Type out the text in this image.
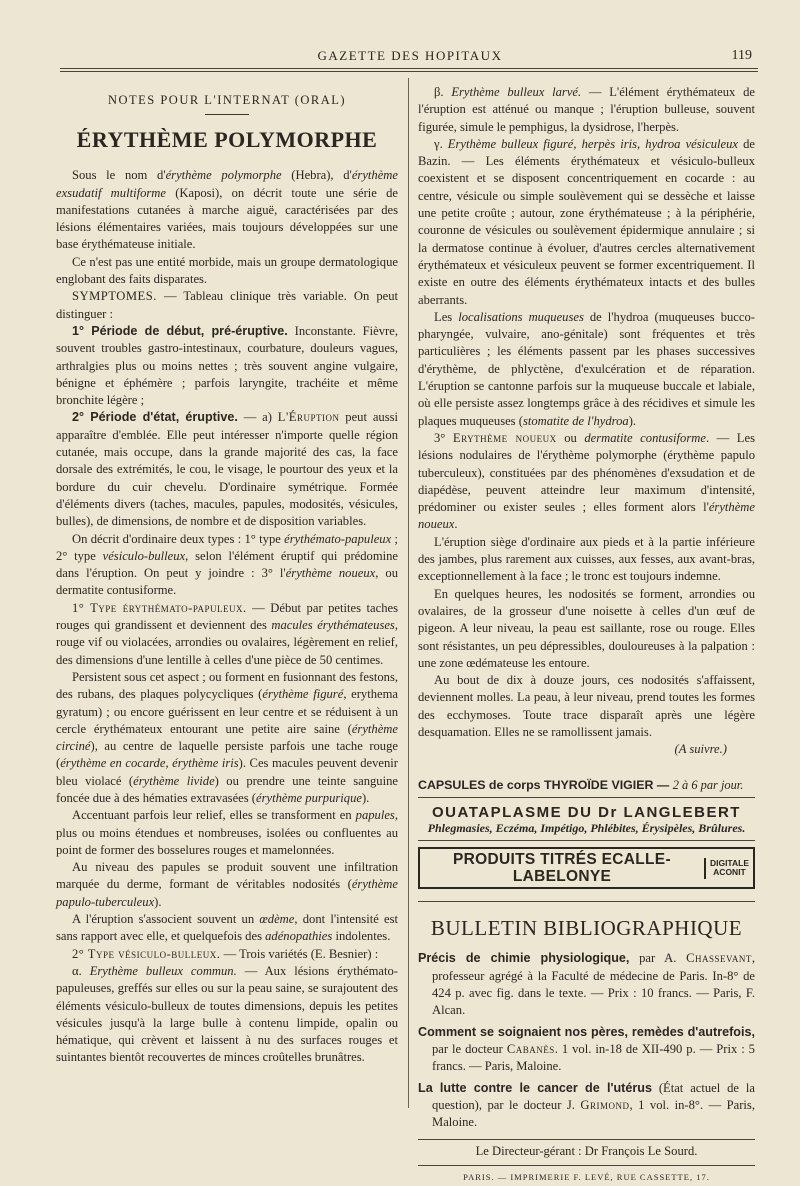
GAZETTE DES HOPITAUX	119

NOTES POUR L'INTERNAT (ORAL)

ÉRYTHÈME POLYMORPHE

Sous le nom d'érythème polymorphe (Hebra), d'érythème exsudatif multiforme (Kaposi), on décrit toute une série de manifestations cutanées à marche aiguë, caractérisées par des lésions élémentaires variées, mais toujours développées sur une base érythémateuse initiale.

Ce n'est pas une entité morbide, mais un groupe dermatologique englobant des faits disparates.

SYMPTOMES. — Tableau clinique très variable. On peut distinguer :

1° Période de début, pré-éruptive. Inconstante. Fièvre, souvent troubles gastro-intestinaux, courbature, douleurs vagues, arthralgies plus ou moins nettes ; très souvent angine vulgaire, bénigne et éphémère ; parfois laryngite, trachéite et même bronchite légère ;

2° Période d'état, éruptive. — a) L'Éruption peut aussi apparaître d'emblée. Elle peut intéresser n'importe quelle région cutanée, mais occupe, dans la grande majorité des cas, la face dorsale des extrémités, le cou, le visage, le pourtour des yeux et la bordure du cuir chevelu. D'ordinaire symétrique. Formée d'éléments divers (taches, macules, papules, modosités, vésicules, bulles), de dimensions, de nombre et de disposition variables.

On décrit d'ordinaire deux types : 1° type érythémato-papuleux ; 2° type vésiculo-bulleux, selon l'élément éruptif qui prédomine dans l'éruption. On peut y joindre : 3° l'érythème noueux, ou dermatite contusiforme.

1° Type érythémato-papuleux. — Début par petites taches rouges qui grandissent et deviennent des macules érythémateuses, rouge vif ou violacées, arrondies ou ovalaires, légèrement en relief, des dimensions d'une lentille à celles d'une pièce de 50 centimes.

Persistent sous cet aspect ; ou forment en fusionnant des festons, des rubans, des plaques polycycliques (érythème figuré, erythema gyratum) ; ou encore guérissent en leur centre et se réduisent à un cercle érythémateux entourant une petite aire saine (érythème circiné), au centre de laquelle persiste parfois une tache rouge (érythème en cocarde, érythème iris). Ces macules peuvent devenir bleu violacé (érythème livide) ou prendre une teinte sanguine foncée due à des hématies extravasées (érythème purpurique).

Accentuant parfois leur relief, elles se transforment en papules, plus ou moins étendues et nombreuses, isolées ou confluentes au point de former des bosselures rouges et mamelonnées.

Au niveau des papules se produit souvent une infiltration marquée du derme, formant de véritables nodosités (érythème papulo-tuberculeux).

A l'éruption s'associent souvent un œdème, dont l'intensité est sans rapport avec elle, et quelquefois des adénopathies indolentes.

2° Type vésiculo-bulleux. — Trois variétés (E. Besnier) :

α. Erythème bulleux commun. — Aux lésions érythémato-papuleuses, greffés sur elles ou sur la peau saine, se surajoutent des éléments vésiculo-bulleux de toutes dimensions, depuis les petites vésicules jusqu'à la large bulle à contenu limpide, opalin ou hématique, qui crèvent et laissent à nu des surfaces rouges et suintantes bientôt recouvertes de minces croûtelles brunâtres.

β. Erythème bulleux larvé. — L'élément érythémateux de l'éruption est atténué ou manque ; l'éruption bulleuse, souvent figurée, simule le pemphigus, la dysidrose, l'herpès.

γ. Erythème bulleux figuré, herpès iris, hydroa vésiculeux de Bazin. — Les éléments érythémateux et vésiculo-bulleux coexistent et se disposent concentriquement en cocarde : au centre, vésicule ou simple soulèvement qui se dessèche et laisse une petite croûte ; autour, zone érythémateuse ; à la périphérie, couronne de vésicules ou soulèvement épidermique annulaire ; si la dermatose continue à évoluer, d'autres cercles alternativement érythémateux et vésiculeux peuvent se former excentriquement. Il existe en outre des éléments érythémateux intacts et des bulles aberrants.

Les localisations muqueuses de l'hydroa (muqueuses bucco-pharyngée, vulvaire, ano-génitale) sont fréquentes et très particulières ; les éléments passent par les phases successives d'érythème, de phlyctène, d'exulcération et de réparation. L'éruption se cantonne parfois sur la muqueuse buccale et labiale, où elle persiste assez longtemps grâce à des récidives et simule les plaques muqueuses (stomatite de l'hydroa).

3° Erythème noueux ou dermatite contusiforme. — Les lésions nodulaires de l'érythème polymorphe (érythème papulo tuberculeux), constituées par des phénomènes d'exsudation et de diapédèse, peuvent atteindre leur maximum d'intensité, prédominer ou exister seules ; elles forment alors l'érythème noueux.

L'éruption siège d'ordinaire aux pieds et à la partie inférieure des jambes, plus rarement aux cuisses, aux fesses, aux avant-bras, exceptionnellement à la face ; le tronc est toujours indemne.

En quelques heures, les nodosités se forment, arrondies ou ovalaires, de la grosseur d'une noisette à celles d'un œuf de pigeon. A leur niveau, la peau est saillante, rose ou rouge. Elles sont résistantes, un peu dépressibles, douloureuses à la palpation : une zone œdémateuse les entoure.

Au bout de dix à douze jours, ces nodosités s'affaissent, deviennent molles. La peau, à leur niveau, prend toutes les formes des ecchymoses. Toute trace disparaît après une légère desquamation. Elles ne se ramollissent jamais.

(A suivre.)

CAPSULES de corps THYROÏDE VIGIER — 2 à 6 par jour.
OUATAPLASME DU Dr LANGLEBERT
Phlegmasies, Eczéma, Impétigo, Phlébites, Érysipèles, Brûlures.
PRODUITS TITRÉS ECALLE-LABELONYE
DIGITALE
ACONIT
BULLETIN BIBLIOGRAPHIQUE

Précis de chimie physiologique, par A. Chassevant, professeur agrégé à la Faculté de médecine de Paris. In-8° de 424 p. avec fig. dans le texte. — Prix : 10 francs. — Paris, F. Alcan.

Comment se soignaient nos pères, remèdes d'autrefois, par le docteur Cabanès. 1 vol. in-18 de XII-490 p. — Prix : 5 francs. — Paris, Maloine.

La lutte contre le cancer de l'utérus (État actuel de la question), par le docteur J. Grimond, 1 vol. in-8°. — Paris, Maloine.

Le Directeur-gérant : Dr François Le Sourd.
PARIS. — IMPRIMERIE F. LEVÉ, RUE CASSETTE, 17.
